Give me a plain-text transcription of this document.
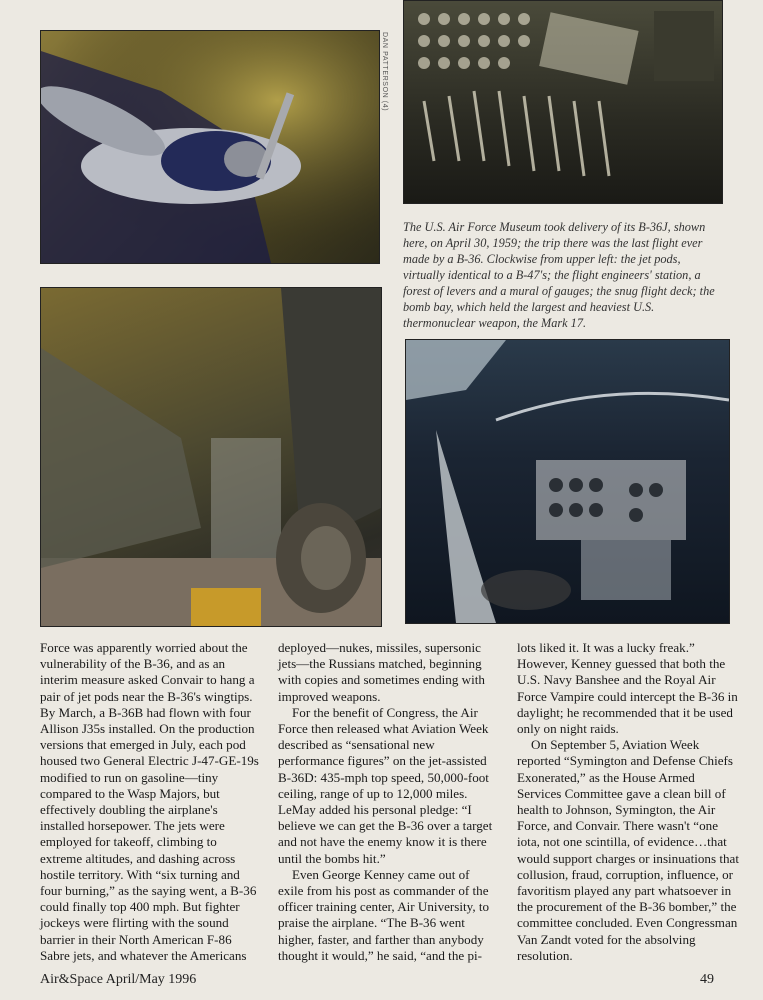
DAN PATTERSON (4)

The U.S. Air Force Museum took delivery of its B-36J, shown here, on April 30, 1959; the trip there was the last flight ever made by a B-36. Clockwise from upper left: the jet pods, virtually identical to a B-47's; the flight engineers' station, a forest of levers and a mural of gauges; the snug flight deck; the bomb bay, which held the largest and heaviest U.S. thermonuclear weapon, the Mark 17.

Force was apparently worried about the vulnerability of the B-36, and as an interim measure asked Convair to hang a pair of jet pods near the B-36's wingtips. By March, a B-36B had flown with four Allison J35s installed. On the production versions that emerged in July, each pod housed two General Electric J-47-GE-19s modified to run on gasoline—tiny compared to the Wasp Majors, but effectively doubling the airplane's installed horsepower. The jets were employed for takeoff, climbing to extreme altitudes, and dashing across hostile territory. With “six turning and four burning,” as the saying went, a B-36 could finally top 400 mph. But fighter jockeys were flirting with the sound barrier in their North American F-86 Sabre jets, and whatever the Americans

deployed—nukes, missiles, supersonic jets—the Russians matched, beginning with copies and sometimes ending with improved weapons.

For the benefit of Congress, the Air Force then released what Aviation Week described as “sensational new performance figures” on the jet-assisted B-36D: 435-mph top speed, 50,000-foot ceiling, range of up to 12,000 miles. LeMay added his personal pledge: “I believe we can get the B-36 over a target and not have the enemy know it is there until the bombs hit.”

Even George Kenney came out of exile from his post as commander of the officer training center, Air University, to praise the airplane. “The B-36 went higher, faster, and farther than anybody thought it would,” he said, “and the pi-

lots liked it. It was a lucky freak.” However, Kenney guessed that both the U.S. Navy Banshee and the Royal Air Force Vampire could intercept the B-36 in daylight; he recommended that it be used only on night raids.

On September 5, Aviation Week reported “Symington and Defense Chiefs Exonerated,” as the House Armed Services Committee gave a clean bill of health to Johnson, Symington, the Air Force, and Convair. There wasn't “one iota, not one scintilla, of evidence…that would support charges or insinuations that collusion, fraud, corruption, influence, or favoritism played any part whatsoever in the procurement of the B-36 bomber,” the committee concluded. Even Congressman Van Zandt voted for the absolving resolution.

Air&Space April/May 1996	49
